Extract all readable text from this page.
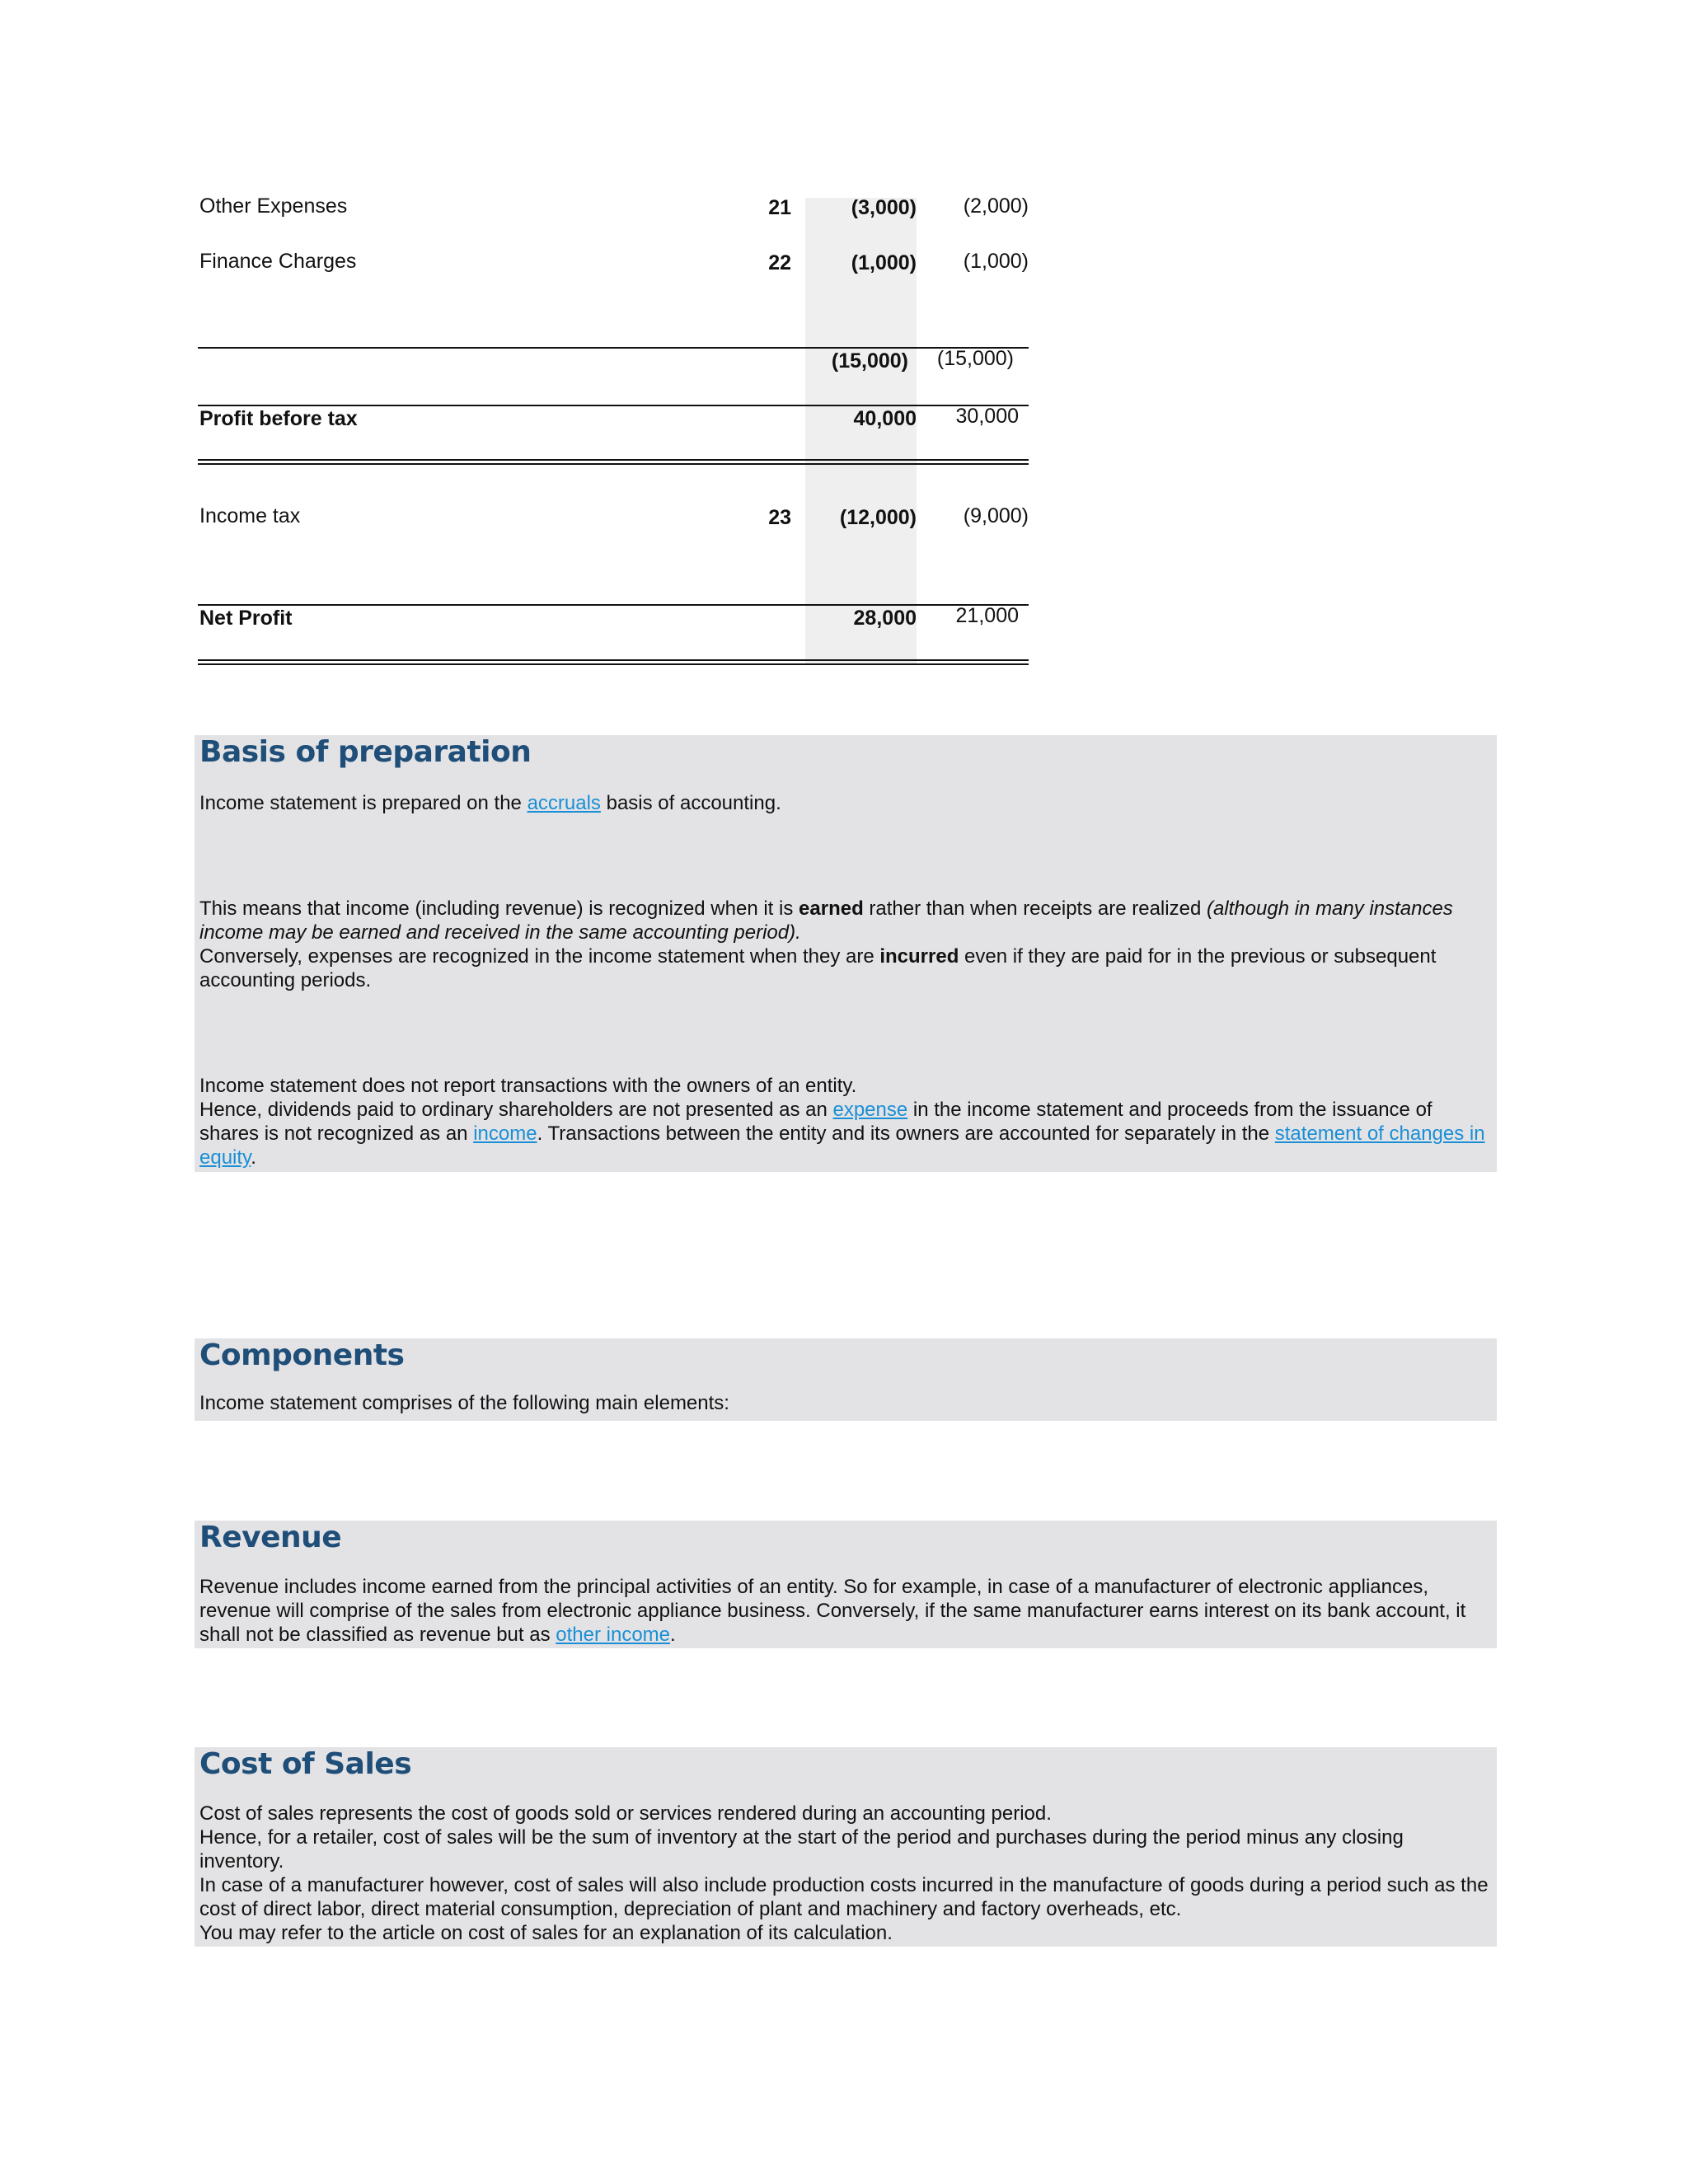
Other Expenses	21	(3,000)	(2,000)
Finance Charges	22	(1,000)	(1,000)
(15,000)	(15,000)
Profit before tax	40,000	30,000
Income tax	23	(12,000)	(9,000)
Net Profit	28,000	21,000
Basis of preparation

Income statement is prepared on the accruals basis of accounting.

This means that income (including revenue) is recognized when it is earned rather than when receipts are realized (although in many instances income may be earned and received in the same accounting period).
Conversely, expenses are recognized in the income statement when they are incurred even if they are paid for in the previous or subsequent accounting periods.

Income statement does not report transactions with the owners of an entity.
Hence, dividends paid to ordinary shareholders are not presented as an expense in the income statement and proceeds from the issuance of shares is not recognized as an income. Transactions between the entity and its owners are accounted for separately in the statement of changes in equity.

Components

Income statement comprises of the following main elements:

Revenue

Revenue includes income earned from the principal activities of an entity. So for example, in case of a manufacturer of electronic appliances, revenue will comprise of the sales from electronic appliance business. Conversely, if the same manufacturer earns interest on its bank account, it shall not be classified as revenue but as other income.

Cost of Sales

Cost of sales represents the cost of goods sold or services rendered during an accounting period.
Hence, for a retailer, cost of sales will be the sum of inventory at the start of the period and purchases during the period minus any closing inventory.
In case of a manufacturer however, cost of sales will also include production costs incurred in the manufacture of goods during a period such as the cost of direct labor, direct material consumption, depreciation of plant and machinery and factory overheads, etc.
You may refer to the article on cost of sales for an explanation of its calculation.
